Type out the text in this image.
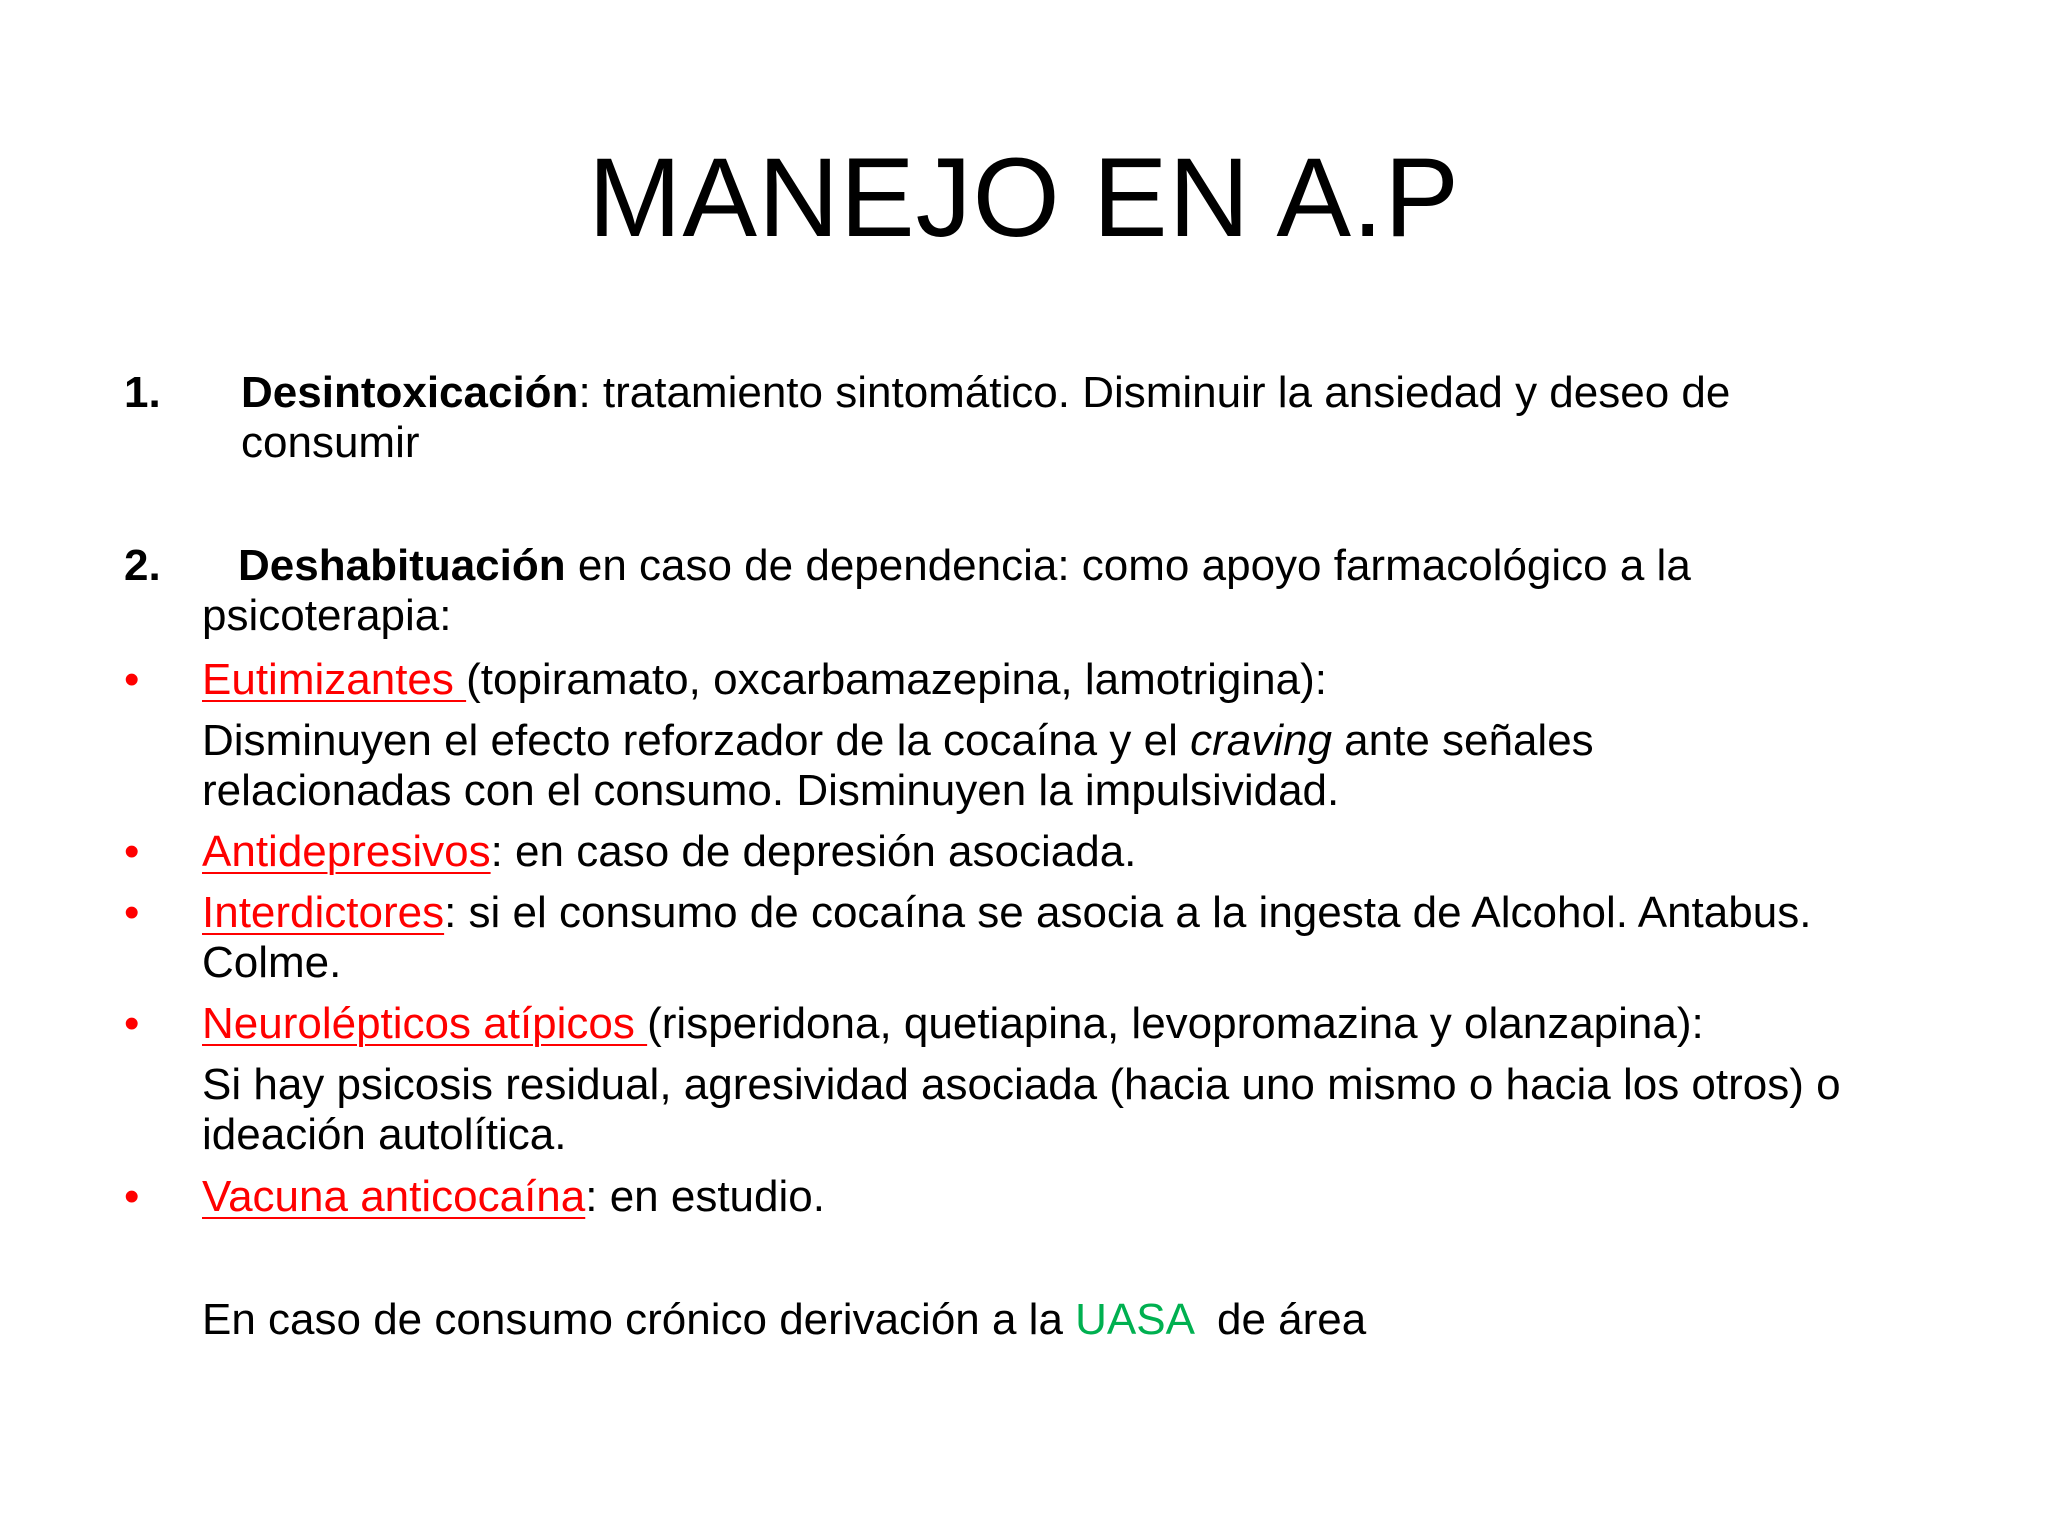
MANEJO EN A.P
1. Desintoxicación: tratamiento sintomático. Disminuir la ansiedad y deseo de
consumir
2. Deshabituación en caso de dependencia: como apoyo farmacológico a la
psicoterapia:
• Eutimizantes (topiramato, oxcarbamazepina, lamotrigina):
Disminuyen el efecto reforzador de la cocaína y el craving ante señales
relacionadas con el consumo. Disminuyen la impulsividad.
• Antidepresivos: en caso de depresión asociada.
• Interdictores: si el consumo de cocaína se asocia a la ingesta de Alcohol. Antabus.
Colme.
• Neurolépticos atípicos (risperidona, quetiapina, levopromazina y olanzapina):
Si hay psicosis residual, agresividad asociada (hacia uno mismo o hacia los otros) o
ideación autolítica.
• Vacuna anticocaína: en estudio.
En caso de consumo crónico derivación a la UASA  de área
